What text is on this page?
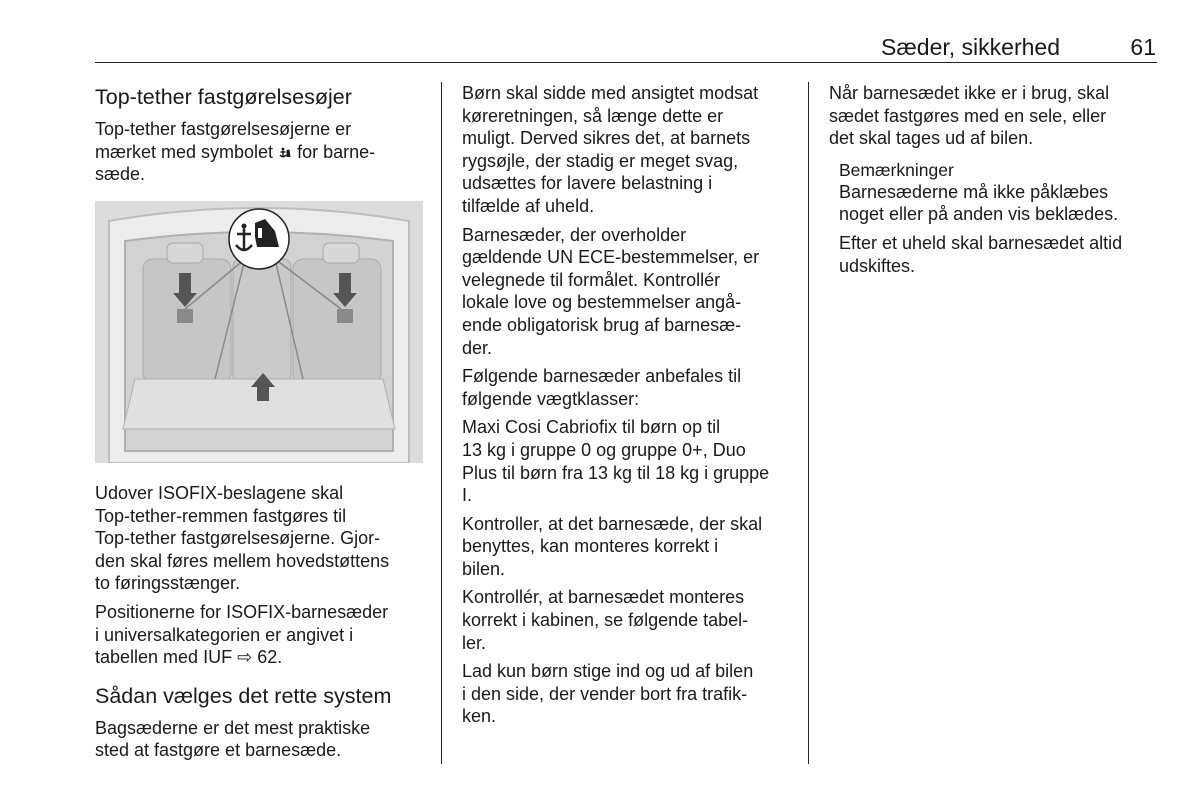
Sæder, sikkerhed	61
Top-tether fastgørelsesøjer

Top-tether fastgørelsesøjerne er
mærket med symbolet for barne-
sæde.

Udover ISOFIX-beslagene skal
Top-tether-remmen fastgøres til
Top-tether fastgørelsesøjerne. Gjor-
den skal føres mellem hovedstøttens
to føringsstænger.

Positionerne for ISOFIX-barnesæder
i universalkategorien er angivet i
tabellen med IUF ⇨ 62.

Sådan vælges det rette system

Bagsæderne er det mest praktiske
sted at fastgøre et barnesæde.

Børn skal sidde med ansigtet modsat
køreretningen, så længe dette er
muligt. Derved sikres det, at barnets
rygsøjle, der stadig er meget svag,
udsættes for lavere belastning i
tilfælde af uheld.

Barnesæder, der overholder
gældende UN ECE-bestemmelser, er
velegnede til formålet. Kontrollér
lokale love og bestemmelser angå-
ende obligatorisk brug af barnesæ-
der.

Følgende barnesæder anbefales til
følgende vægtklasser:

Maxi Cosi Cabriofix til børn op til
13 kg i gruppe 0 og gruppe 0+, Duo
Plus til børn fra 13 kg til 18 kg i gruppe
I.

Kontroller, at det barnesæde, der skal
benyttes, kan monteres korrekt i
bilen.

Kontrollér, at barnesædet monteres
korrekt i kabinen, se følgende tabel-
ler.

Lad kun børn stige ind og ud af bilen
i den side, der vender bort fra trafik-
ken.

Når barnesædet ikke er i brug, skal
sædet fastgøres med en sele, eller
det skal tages ud af bilen.

Bemærkninger

Barnesæderne må ikke påklæbes
noget eller på anden vis beklædes.

Efter et uheld skal barnesædet altid
udskiftes.
